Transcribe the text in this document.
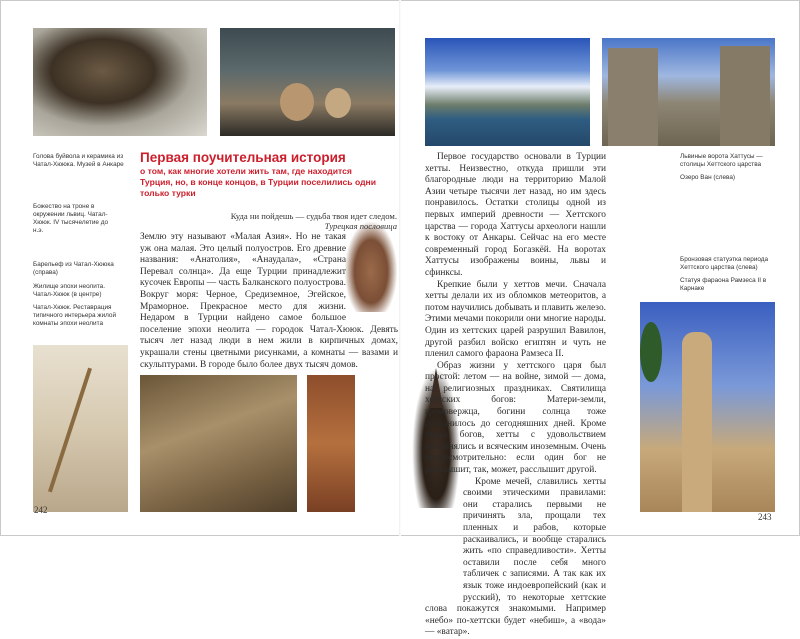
Голова буйвола и керамика из Чатал-Хююка. Музей в Анкаре
Божество на троне в окружении львиц. Чатал-Хююк. IV тысячелетие до н.э.
Барельеф из Чатал-Хююка (справа)
Жилище эпохи неолита. Чатал-Хююк (в центре)
Чатал-Хююк. Реставрация типичного интерьера жилой комнаты эпохи неолита
Первая поучительная история
о том, как многие хотели жить там, где находится Турция, но, в конце концов, в Турции поселились одни только турки
Куда ни пойдешь — судьба твоя идет следом.
Турецкая пословица

Землю эту называют «Малая Азия». Но не такая уж она малая. Это целый полуостров. Его древние названия: «Анатолия», «Анаудала», «Страна Перевал солнца». Да еще Турции принадлежит кусочек Европы — часть Балканского полуострова. Вокруг моря: Черное, Средиземное, Эгейское, Мраморное. Прекрасное место для жизни. Недаром в Турции найдено самое большое поселение эпохи неолита — городок Чатал-Хююк. Девять тысяч лет назад люди в нем жили в кирпичных домах, украшали стены цветными рисунками, а комнаты — вазами и скульптурами. В городе было более двух тысяч домов.

242
Львиные ворота Хаттусы — столицы Хеттского царства
Озеро Ван (слева)
Бронзовая статуэтка периода Хеттского царства (слева)
Статуя фараона Рамзеса II в Карнаке

Первое государство основали в Турции хетты. Неизвестно, откуда пришли эти благородные люди на территорию Малой Азии четыре тысячи лет назад, но им здесь понравилось. Остатки столицы одной из первых империй древности — Хеттского царства — города Хаттусы археологи нашли к востоку от Анкары. Сейчас на его месте современный город Богазкёй. На воротах Хаттусы изображены воины, львы и сфинксы.

Крепкие были у хеттов мечи. Сначала хетты делали их из обломков метеоритов, а потом научились добывать и плавить железо. Этими мечами покорили они многие народы. Один из хеттских царей разрушил Вавилон, другой разбил войско египтян и чуть не пленил самого фараона Рамзеса II.

Образ жизни у хеттского царя был простой: летом — на войне, зимой — дома, на религиозных праздниках. Святилища хеттских богов: Матери-земли, громовержца, богини солнца тоже сохранилось до сегодняшних дней. Кроме своих богов, хетты с удовольствием поклонялись и всяческим иноземным. Очень предусмотрительно: если один бог не расслышит, так, может, расслышит другой.

Кроме мечей, славились хетты своими этическими правилами: они старались первыми не причинять зла, прощали тех пленных и рабов, которые раскаивались, и вообще старались жить «по справедливости». Хетты оставили после себя много табличек с записями. А так как их язык тоже индоевропейский (как и русский), то некоторые хеттские слова покажутся знакомыми. Например «небо» по-хеттски будет «небиш», а «вода» — «ватар».

243
